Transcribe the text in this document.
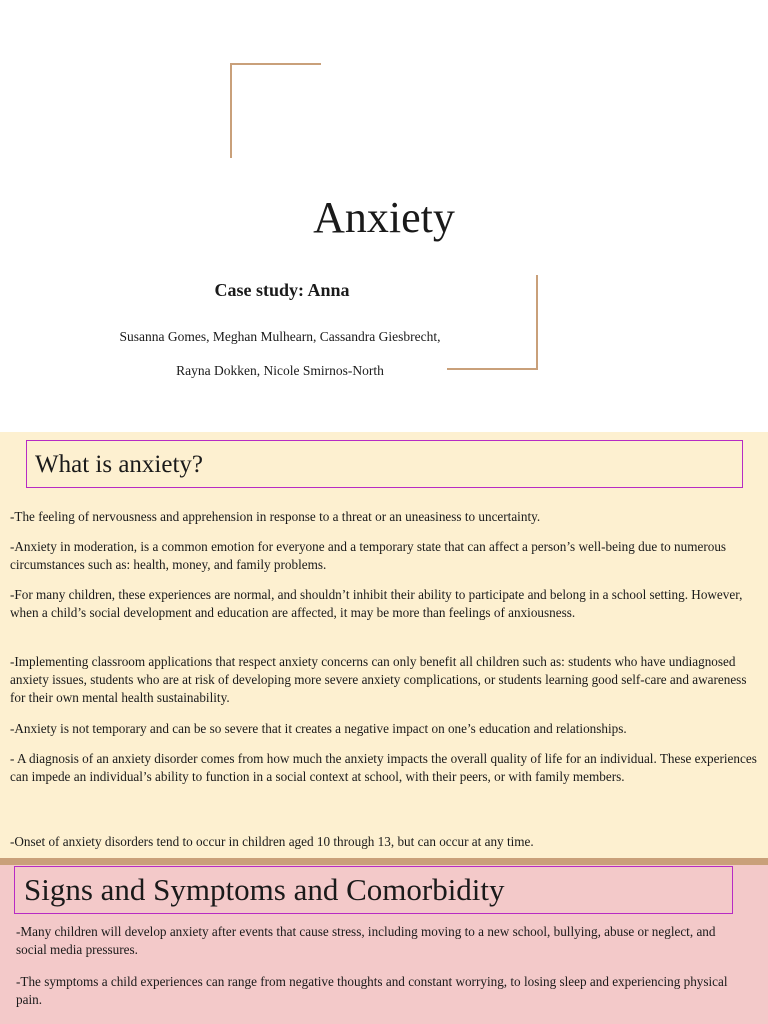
Anxiety
Case study: Anna
Susanna Gomes, Meghan Mulhearn, Cassandra Giesbrecht,
Rayna Dokken, Nicole Smirnos-North
What is anxiety?

-The feeling of nervousness and apprehension in response to a threat or an uneasiness to uncertainty.

-Anxiety in moderation, is a common emotion for everyone and a temporary state that can affect a person’s well-being due to numerous circumstances such as: health, money, and family problems.

-For many children, these experiences are normal, and shouldn’t inhibit their ability to participate and belong in a school setting. However, when a child’s social development and education are affected, it may be more than feelings of anxiousness.

-Implementing classroom applications that respect anxiety concerns can only benefit all children such as: students who have undiagnosed anxiety issues, students who are at risk of developing more severe anxiety complications, or students learning good self-care and awareness for their own mental health sustainability.

-Anxiety is not temporary and can be so severe that it creates a negative impact on one’s education and relationships.

- A diagnosis of an anxiety disorder comes from how much the anxiety impacts the overall quality of life for an individual. These experiences can impede an individual’s ability to function in a social context at school, with their peers, or with family members.

-Onset of anxiety disorders tend to occur in children aged 10 through 13, but can occur at any time.

Signs and Symptoms and Comorbidity

-Many children will develop anxiety after events that cause stress, including moving to a new school, bullying, abuse or neglect, and social media pressures.

-The symptoms a child experiences can range from negative thoughts and constant worrying, to losing sleep and experiencing physical pain.
